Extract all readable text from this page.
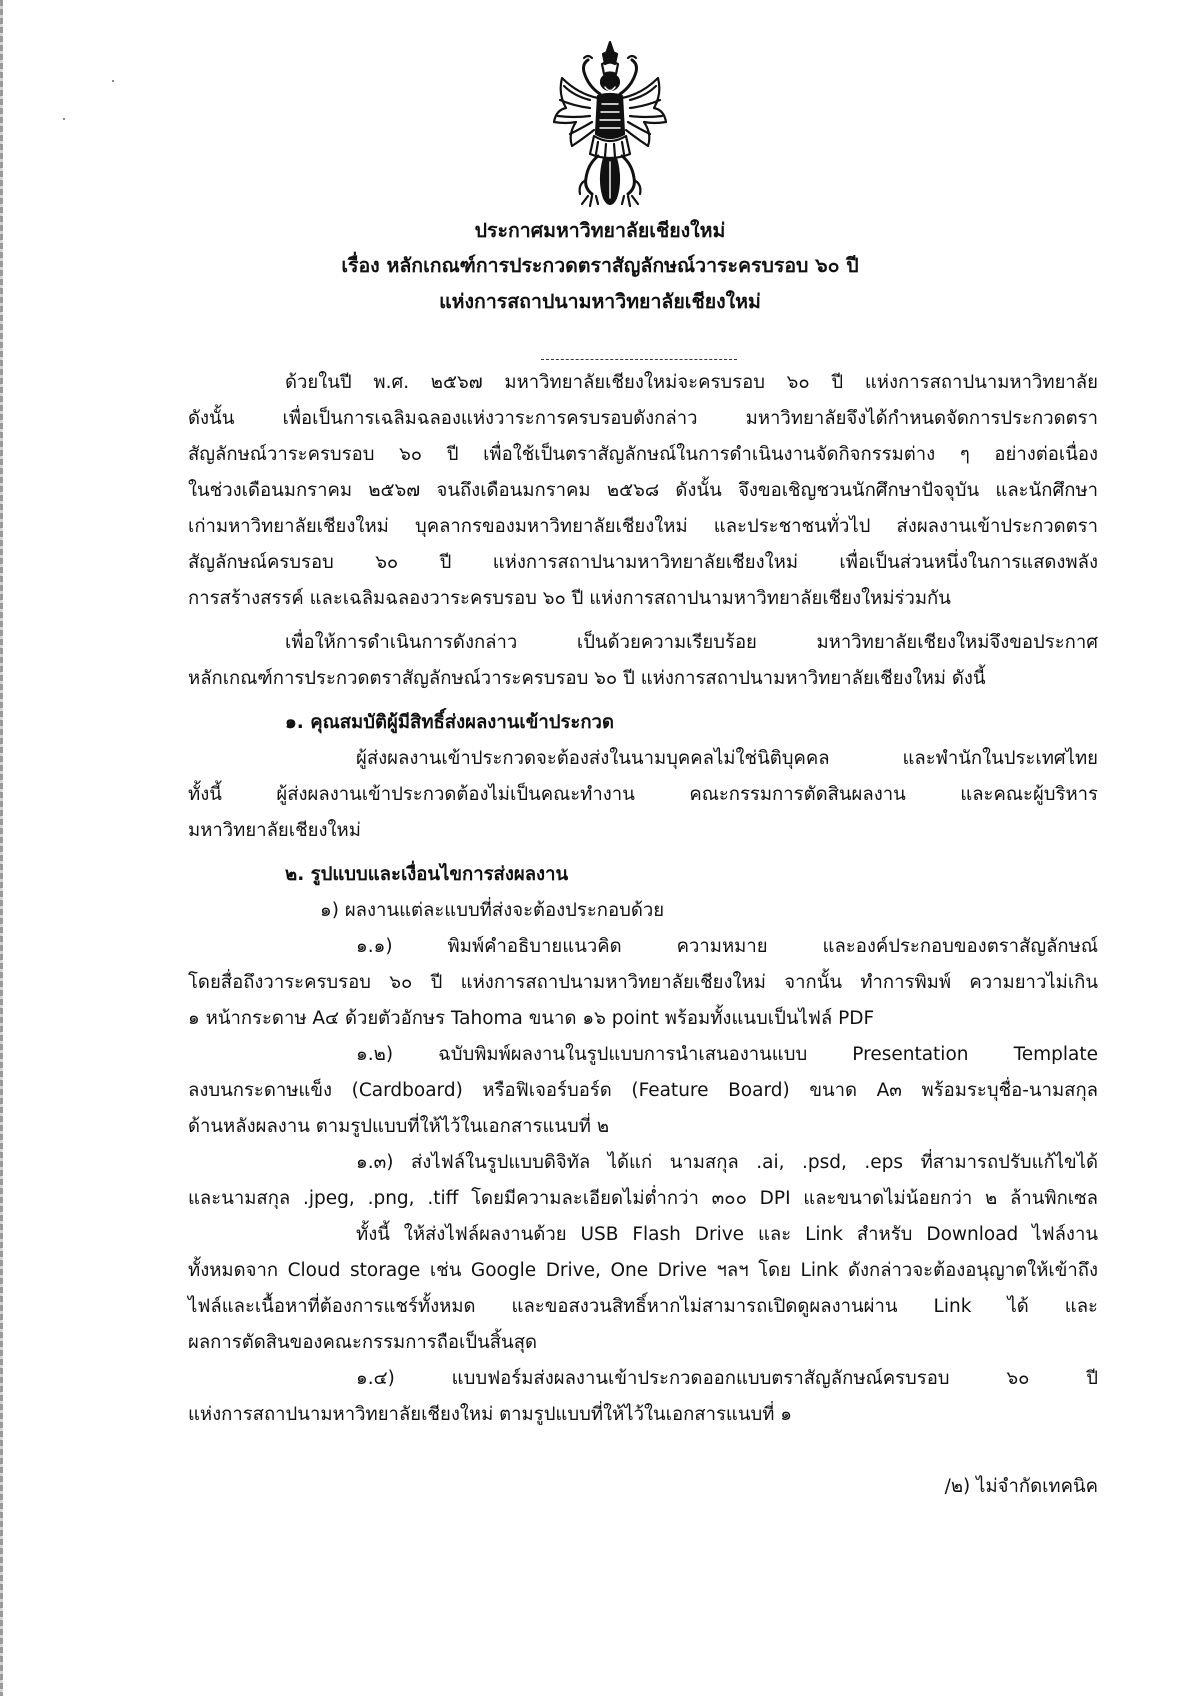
ประกาศมหาวิทยาลัยเชียงใหม่
เรื่อง หลักเกณฑ์การประกวดตราสัญลักษณ์วาระครบรอบ ๖๐ ปี
แห่งการสถาปนามหาวิทยาลัยเชียงใหม่
ด้วยในปี พ.ศ. ๒๕๖๗ มหาวิทยาลัยเชียงใหม่จะครบรอบ ๖๐ ปี แห่งการสถาปนามหาวิทยาลัย
ดังนั้น เพื่อเป็นการเฉลิมฉลองแห่งวาระการครบรอบดังกล่าว มหาวิทยาลัยจึงได้กำหนดจัดการประกวดตรา
สัญลักษณ์วาระครบรอบ ๖๐ ปี เพื่อใช้เป็นตราสัญลักษณ์ในการดำเนินงานจัดกิจกรรมต่าง ๆ อย่างต่อเนื่อง
ในช่วงเดือนมกราคม ๒๕๖๗ จนถึงเดือนมกราคม ๒๕๖๘ ดังนั้น จึงขอเชิญชวนนักศึกษาปัจจุบัน และนักศึกษา
เก่ามหาวิทยาลัยเชียงใหม่ บุคลากรของมหาวิทยาลัยเชียงใหม่ และประชาชนทั่วไป ส่งผลงานเข้าประกวดตรา
สัญลักษณ์ครบรอบ ๖๐ ปี แห่งการสถาปนามหาวิทยาลัยเชียงใหม่ เพื่อเป็นส่วนหนึ่งในการแสดงพลัง
การสร้างสรรค์ และเฉลิมฉลองวาระครบรอบ ๖๐ ปี แห่งการสถาปนามหาวิทยาลัยเชียงใหม่ร่วมกัน
เพื่อให้การดำเนินการดังกล่าว เป็นด้วยความเรียบร้อย มหาวิทยาลัยเชียงใหม่จึงขอประกาศ
หลักเกณฑ์การประกวดตราสัญลักษณ์วาระครบรอบ ๖๐ ปี แห่งการสถาปนามหาวิทยาลัยเชียงใหม่ ดังนี้
๑. คุณสมบัติผู้มีสิทธิ์ส่งผลงานเข้าประกวด
ผู้ส่งผลงานเข้าประกวดจะต้องส่งในนามบุคคลไม่ใช่นิติบุคคล และพำนักในประเทศไทย
ทั้งนี้ ผู้ส่งผลงานเข้าประกวดต้องไม่เป็นคณะทำงาน คณะกรรมการตัดสินผลงาน และคณะผู้บริหาร
มหาวิทยาลัยเชียงใหม่
๒. รูปแบบและเงื่อนไขการส่งผลงาน
๑) ผลงานแต่ละแบบที่ส่งจะต้องประกอบด้วย
๑.๑) พิมพ์คำอธิบายแนวคิด ความหมาย และองค์ประกอบของตราสัญลักษณ์
โดยสื่อถึงวาระครบรอบ ๖๐ ปี แห่งการสถาปนามหาวิทยาลัยเชียงใหม่ จากนั้น ทำการพิมพ์ ความยาวไม่เกิน
๑ หน้ากระดาษ A๔ ด้วยตัวอักษร Tahoma ขนาด ๑๖ point พร้อมทั้งแนบเป็นไฟล์ PDF
๑.๒) ฉบับพิมพ์ผลงานในรูปแบบการนำเสนองานแบบ Presentation Template
ลงบนกระดาษแข็ง (Cardboard) หรือฟิเจอร์บอร์ด (Feature Board) ขนาด A๓ พร้อมระบุชื่อ-นามสกุล
ด้านหลังผลงาน ตามรูปแบบที่ให้ไว้ในเอกสารแนบที่ ๒
๑.๓) ส่งไฟล์ในรูปแบบดิจิทัล ได้แก่ นามสกุล .ai, .psd, .eps ที่สามารถปรับแก้ไขได้
และนามสกุล .jpeg, .png, .tiff โดยมีความละเอียดไม่ต่ำกว่า ๓๐๐ DPI และขนาดไม่น้อยกว่า ๒ ล้านพิกเซล
ทั้งนี้ ให้ส่งไฟล์ผลงานด้วย USB Flash Drive และ Link สำหรับ Download ไฟล์งาน
ทั้งหมดจาก Cloud storage เช่น Google Drive, One Drive ฯลฯ โดย Link ดังกล่าวจะต้องอนุญาตให้เข้าถึง
ไฟล์และเนื้อหาที่ต้องการแชร์ทั้งหมด และขอสงวนสิทธิ์หากไม่สามารถเปิดดูผลงานผ่าน Link ได้ และ
ผลการตัดสินของคณะกรรมการถือเป็นสิ้นสุด
๑.๔) แบบฟอร์มส่งผลงานเข้าประกวดออกแบบตราสัญลักษณ์ครบรอบ ๖๐ ปี
แห่งการสถาปนามหาวิทยาลัยเชียงใหม่ ตามรูปแบบที่ให้ไว้ในเอกสารแนบที่ ๑
/๒) ไม่จำกัดเทคนิค
